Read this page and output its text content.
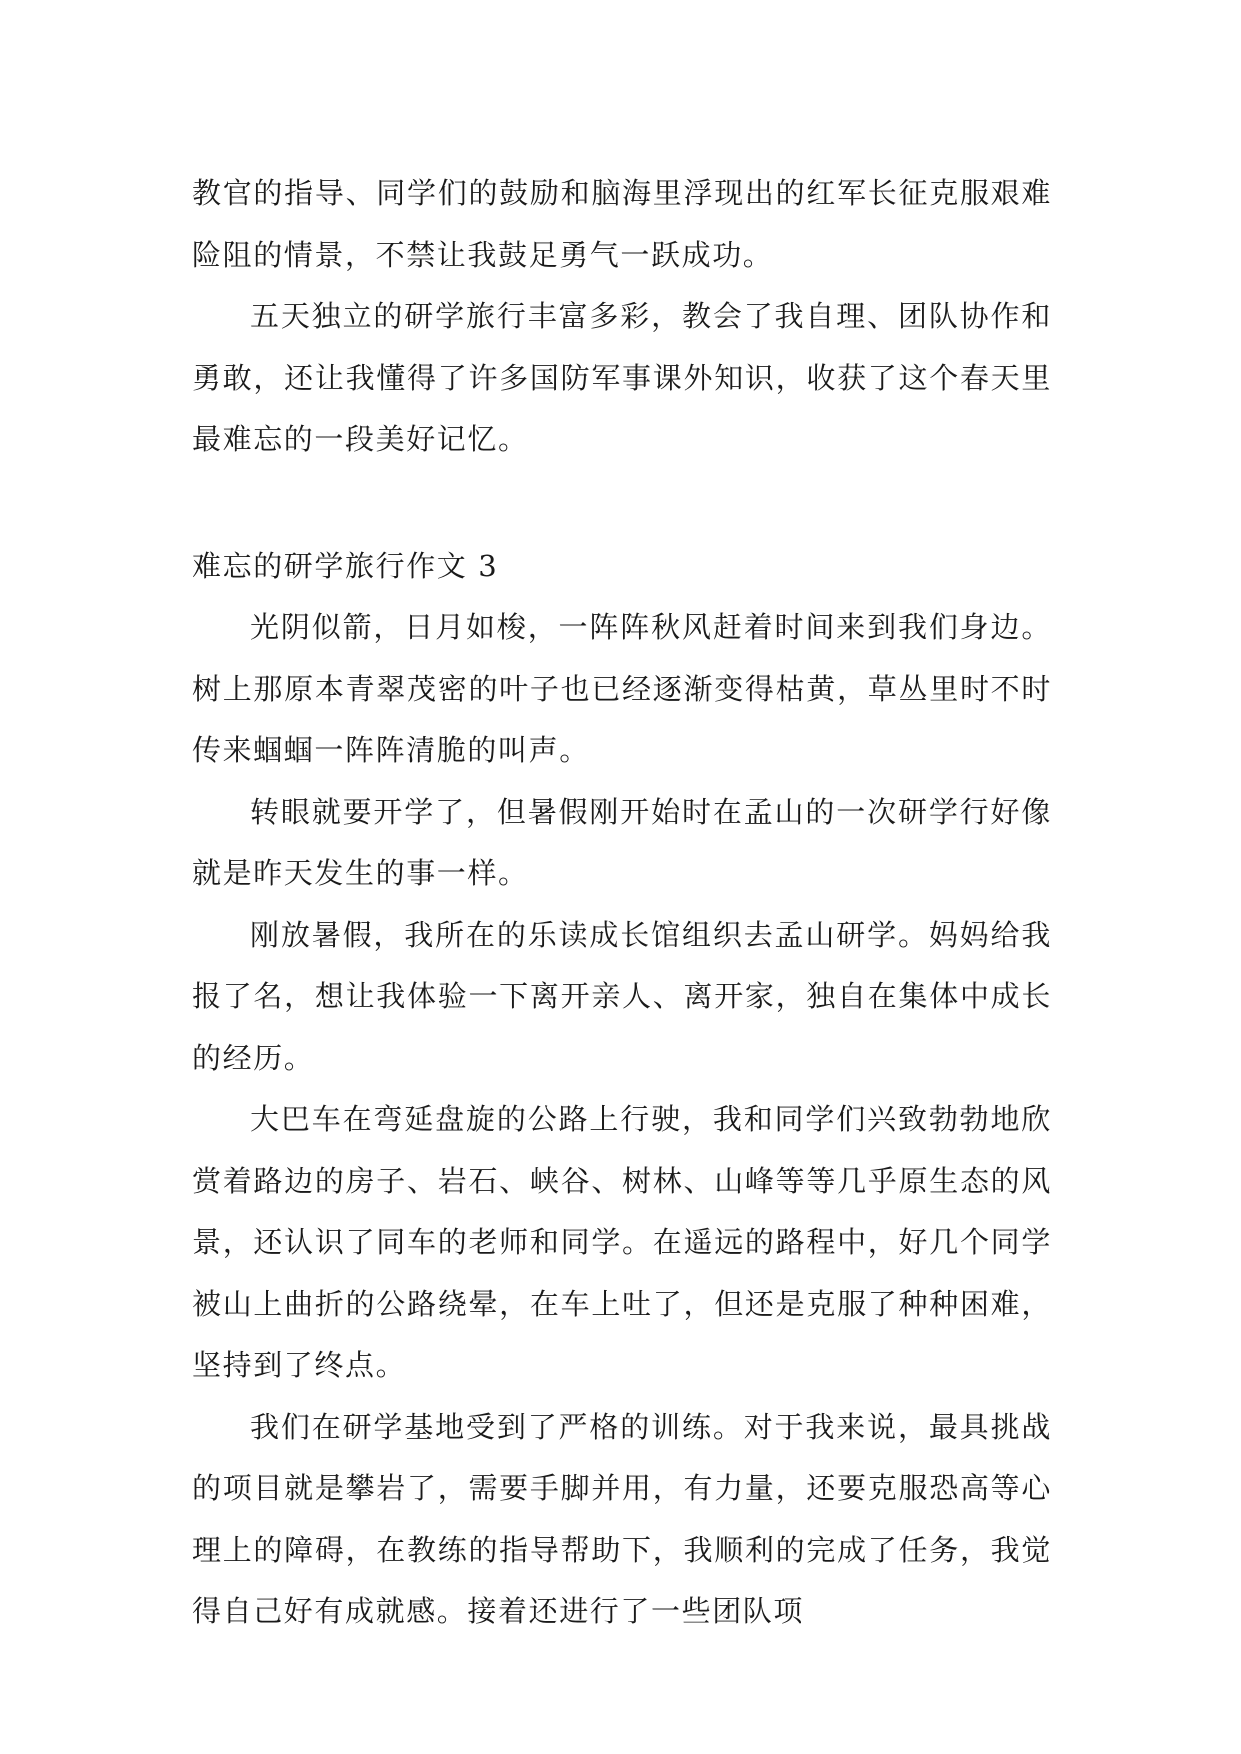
教官的指导、同学们的鼓励和脑海里浮现出的红军长征克服艰难险阻的情景，不禁让我鼓足勇气一跃成功。

五天独立的研学旅行丰富多彩，教会了我自理、团队协作和勇敢，还让我懂得了许多国防军事课外知识，收获了这个春天里最难忘的一段美好记忆。

难忘的研学旅行作文 3

光阴似箭，日月如梭，一阵阵秋风赶着时间来到我们身边。树上那原本青翠茂密的叶子也已经逐渐变得枯黄，草丛里时不时传来蝈蝈一阵阵清脆的叫声。

转眼就要开学了，但暑假刚开始时在孟山的一次研学行好像就是昨天发生的事一样。

刚放暑假，我所在的乐读成长馆组织去孟山研学。妈妈给我报了名，想让我体验一下离开亲人、离开家，独自在集体中成长的经历。

大巴车在弯延盘旋的公路上行驶，我和同学们兴致勃勃地欣赏着路边的房子、岩石、峡谷、树林、山峰等等几乎原生态的风景，还认识了同车的老师和同学。在遥远的路程中，好几个同学被山上曲折的公路绕晕，在车上吐了，但还是克服了种种困难，坚持到了终点。

我们在研学基地受到了严格的训练。对于我来说，最具挑战的项目就是攀岩了，需要手脚并用，有力量，还要克服恐高等心理上的障碍，在教练的指导帮助下，我顺利的完成了任务，我觉得自己好有成就感。接着还进行了一些团队项
